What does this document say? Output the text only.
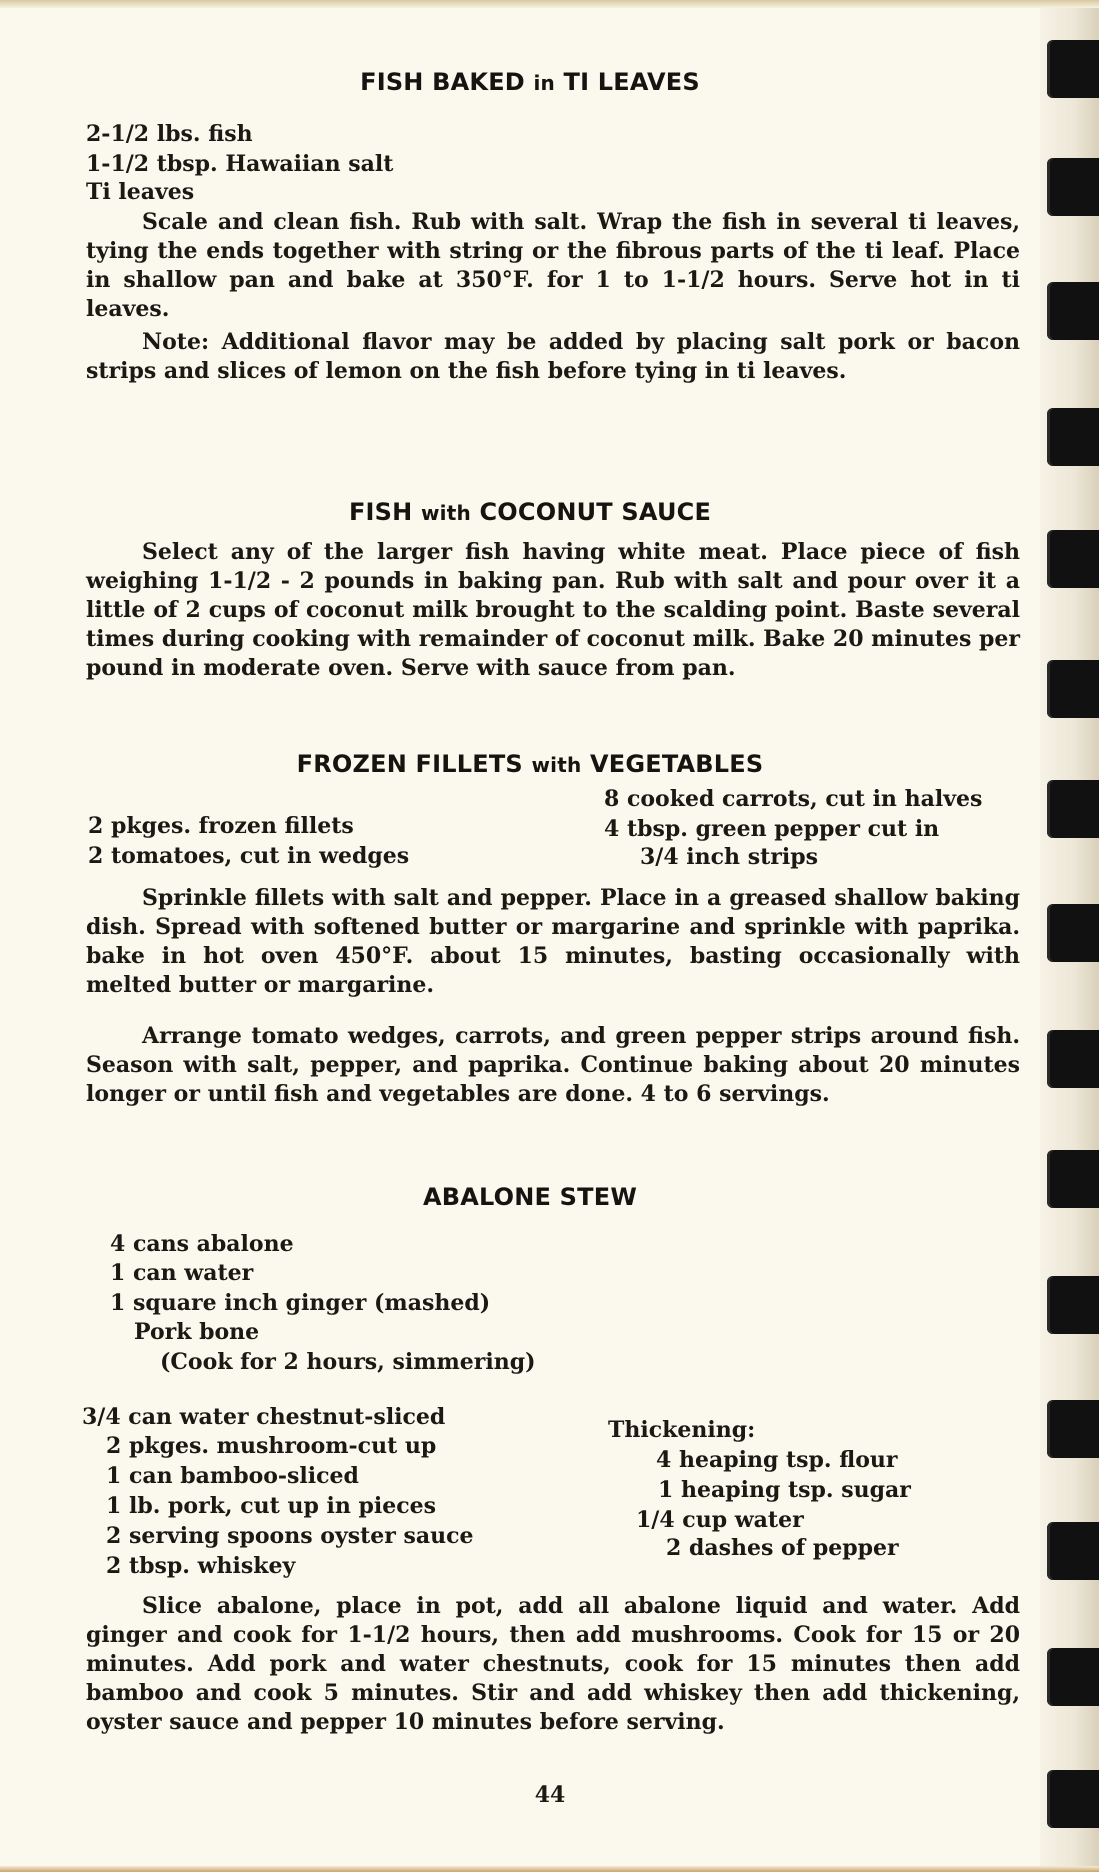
FISH BAKED in TI LEAVES
2-1/2 lbs. fish
1-1/2 tbsp. Hawaiian salt
Ti leaves
Scale and clean fish. Rub with salt. Wrap the fish in several ti leaves, tying the ends together with string or the fibrous parts of the ti leaf. Place in shallow pan and bake at 350°F. for 1 to 1-1/2 hours. Serve hot in ti leaves.
Note: Additional flavor may be added by placing salt pork or bacon strips and slices of lemon on the fish before tying in ti leaves.
FISH with COCONUT SAUCE
Select any of the larger fish having white meat. Place piece of fish weighing 1-1/2 - 2 pounds in baking pan. Rub with salt and pour over it a little of 2 cups of coconut milk brought to the scalding point. Baste several times during cooking with remainder of coconut milk. Bake 20 minutes per pound in moderate oven. Serve with sauce from pan.
FROZEN FILLETS with VEGETABLES
8 cooked carrots, cut in halves
2 pkges. frozen fillets	4 tbsp. green pepper cut in
2 tomatoes, cut in wedges	3/4 inch strips
Sprinkle fillets with salt and pepper. Place in a greased shallow baking dish. Spread with softened butter or margarine and sprinkle with paprika. bake in hot oven 450°F. about 15 minutes, basting occasionally with melted butter or margarine.
Arrange tomato wedges, carrots, and green pepper strips around fish. Season with salt, pepper, and paprika. Continue baking about 20 minutes longer or until fish and vegetables are done. 4 to 6 servings.
ABALONE STEW
4 cans abalone
1 can water
1 square inch ginger (mashed)
Pork bone
(Cook for 2 hours, simmering)
3/4 can water chestnut-sliced
2 pkges. mushroom-cut up
1 can bamboo-sliced
1 lb. pork, cut up in pieces
2 serving spoons oyster sauce
2 tbsp. whiskey
Thickening:
4 heaping tsp. flour
1 heaping tsp. sugar
1/4 cup water
2 dashes of pepper
Slice abalone, place in pot, add all abalone liquid and water. Add ginger and cook for 1-1/2 hours, then add mushrooms. Cook for 15 or 20 minutes. Add pork and water chestnuts, cook for 15 minutes then add bamboo and cook 5 minutes. Stir and add whiskey then add thickening, oyster sauce and pepper 10 minutes before serving.
44
